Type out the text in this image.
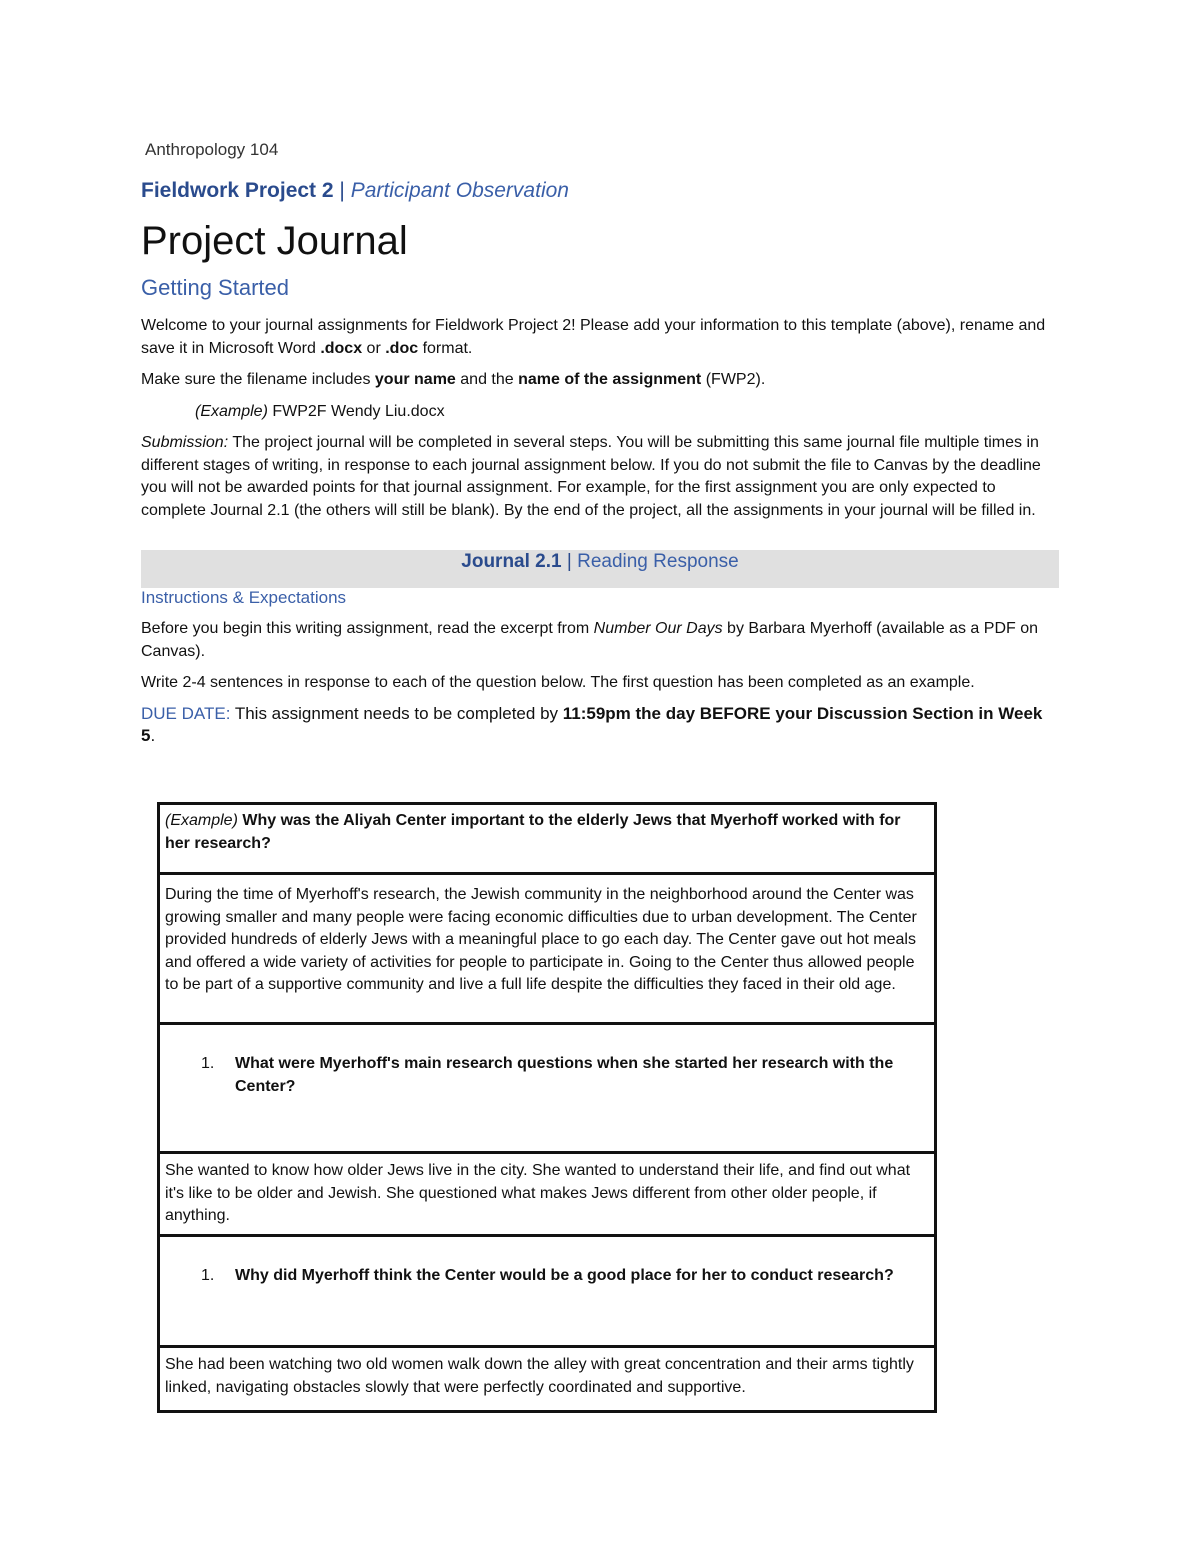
Anthropology 104
Fieldwork Project 2 | Participant Observation
Project Journal
Getting Started

Welcome to your journal assignments for Fieldwork Project 2! Please add your information to this template (above), rename and save it in Microsoft Word .docx or .doc format.

Make sure the filename includes your name and the name of the assignment (FWP2).

(Example) FWP2F Wendy Liu.docx

Submission: The project journal will be completed in several steps. You will be submitting this same journal file multiple times in different stages of writing, in response to each journal assignment below. If you do not submit the file to Canvas by the deadline you will not be awarded points for that journal assignment. For example, for the first assignment you are only expected to complete Journal 2.1 (the others will still be blank). By the end of the project, all the assignments in your journal will be filled in.

Journal 2.1 | Reading Response
Instructions & Expectations

Before you begin this writing assignment, read the excerpt from Number Our Days by Barbara Myerhoff (available as a PDF on Canvas).

Write 2-4 sentences in response to each of the question below. The first question has been completed as an example.

DUE DATE: This assignment needs to be completed by 11:59pm the day BEFORE your Discussion Section in Week 5.

(Example) Why was the Aliyah Center important to the elderly Jews that Myerhoff worked with for her research?
During the time of Myerhoff's research, the Jewish community in the neighborhood around the Center was growing smaller and many people were facing economic difficulties due to urban development. The Center provided hundreds of elderly Jews with a meaningful place to go each day. The Center gave out hot meals and offered a wide variety of activities for people to participate in. Going to the Center thus allowed people to be part of a supportive community and live a full life despite the difficulties they faced in their old age.
1. What were Myerhoff's main research questions when she started her research with the Center?
She wanted to know how older Jews live in the city. She wanted to understand their life, and find out what it's like to be older and Jewish. She questioned what makes Jews different from other older people, if anything.
1. Why did Myerhoff think the Center would be a good place for her to conduct research?
She had been watching two old women walk down the alley with great concentration and their arms tightly linked, navigating obstacles slowly that were perfectly coordinated and supportive.
